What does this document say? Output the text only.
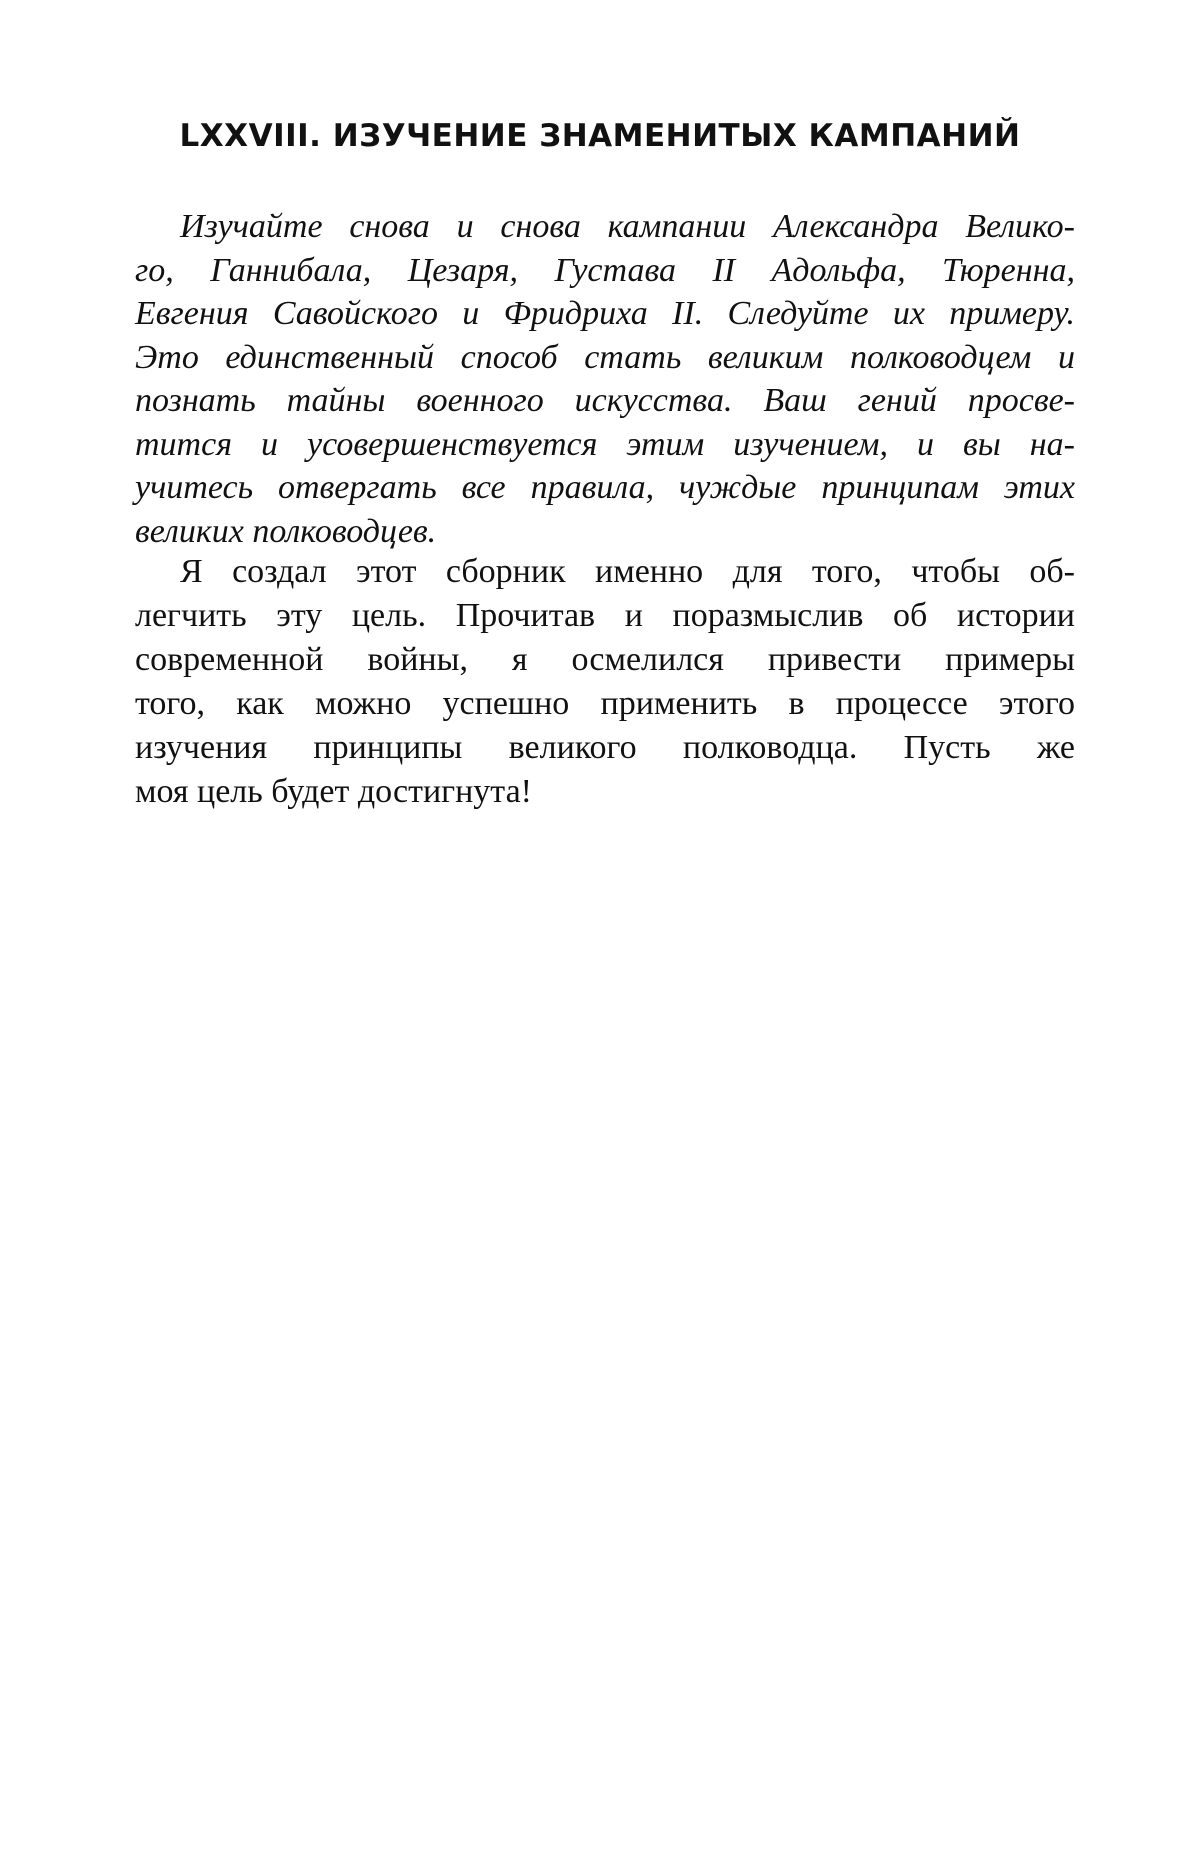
LXXVIII. ИЗУЧЕНИЕ ЗНАМЕНИТЫХ КАМПАНИЙ
Изучайте снова и снова кампании Александра Велико-
го, Ганнибала, Цезаря, Густава II Адольфа, Тюренна,
Евгения Савойского и Фридриха II. Следуйте их примеру.
Это единственный способ стать великим полководцем и
познать тайны военного искусства. Ваш гений просве-
тится и усовершенствуется этим изучением, и вы на-
учитесь отвергать все правила, чуждые принципам этих
великих полководцев.
Я создал этот сборник именно для того, чтобы об-
легчить эту цель. Прочитав и поразмыслив об истории
современной войны, я осмелился привести примеры
того, как можно успешно применить в процессе этого
изучения принципы великого полководца. Пусть же
моя цель будет достигнута!
